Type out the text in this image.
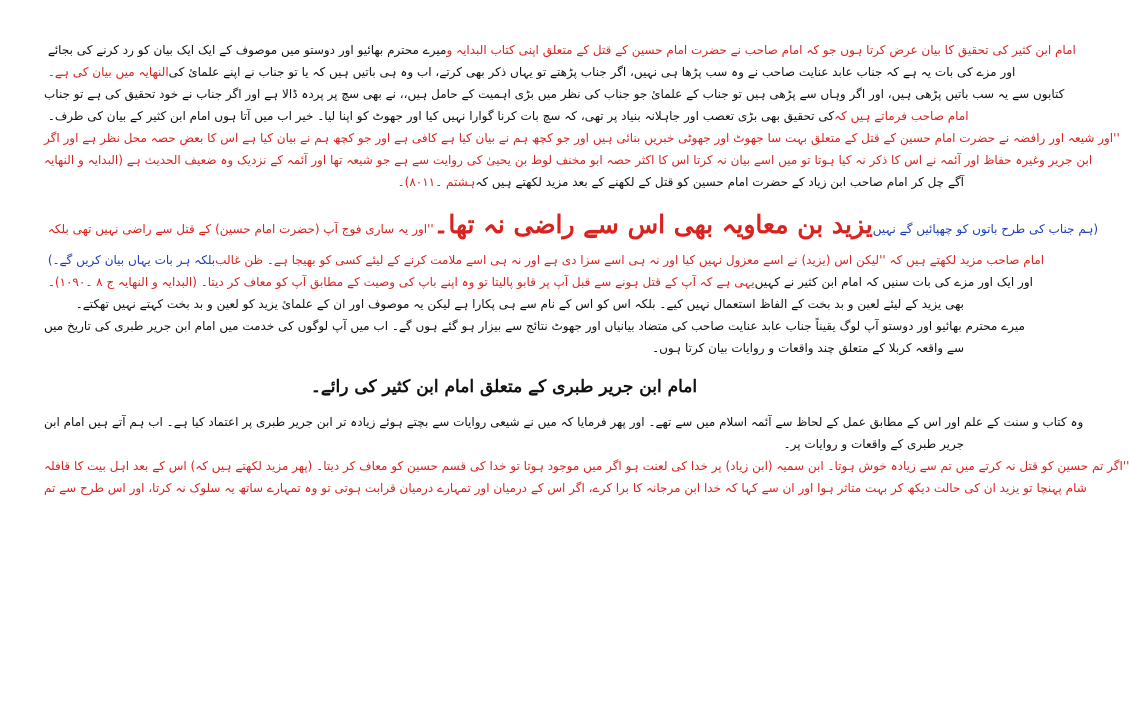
میرے محترم بھائیو اور دوستو میں موصوف کے ایک ایک بیان کو رد کرنے کی بجائے امام ابن کثیر کی تحقیق کا بیان عرض کرتا ہوں جو کہ امام صاحب نے حضرت امام حسین کے قتل کے متعلق اپنی کتاب البدایہ و
النھایہ میں بیان کی ہے۔ اور مزے کی بات یہ ہے کہ جناب عابد عنایت صاحب نے وہ سب پڑھا ہی نہیں، اگر جناب پڑھتے تو یہاں ذکر بھی کرتے، اب وہ ہی باتیں ہیں کہ یا تو جناب نے اپنے علمائ کی
کتابوں سے یہ سب باتیں پڑھی ہیں، اور اگر وہاں سے پڑھی ہیں تو جناب کے علمائ جو جناب کی نظر میں بڑی اہمیت کے حامل ہیں،، نے بھی سچ پر پردہ ڈالا ہے اور اگر جناب نے خود تحقیق کی ہے تو جناب
کی تحقیق بھی بڑی تعصب اور جاہلانہ بنیاد پر تھی، کہ سچ بات کرنا گوارا نہیں کیا اور جھوٹ کو اپنا لیا۔ خیر اب میں آتا ہوں امام ابن کثیر کے بیان کی طرف۔ امام صاحب فرماتے ہیں کہ
''اور شیعہ اور رافضہ نے حضرت امام حسین کے قتل کے متعلق بہت سا جھوٹ اور جھوٹی خبریں بنائی ہیں اور جو کچھ ہم نے بیان کیا ہے کافی ہے اور جو کچھ ہم نے بیان کیا ہے اس کا بعض حصہ محل نظر ہے اور اگر
ابن جریر وغیرہ حفاظ اور آئمہ نے اس کا ذکر نہ کیا ہوتا تو میں اسے بیان نہ کرتا اس کا اکثر حصہ ابو مخنف لوط بن یحییٰ کی روایت سے ہے جو شیعہ تھا اور آئمہ کے نزدیک وہ ضعیف الحدیث ہے (البدایہ و النھایہ
ہشتم ۔۸۰۱۱)۔ آگے چل کر امام صاحب ابن زیاد کے حضرت امام حسین کو قتل کے لکھنے کے بعد مزید لکھتے ہیں کہ
''اور یہ ساری فوج آپ (حضرت امام حسین) کے قتل سے راضی نہیں تھی بلکہ یزید بن معاویہ بھی اس سے راضی نہ تھا۔ (ہم جناب کی طرح باتوں کو چھپائیں گے نہیں
بلکہ ہر بات یہاں بیان کریں گے۔) امام صاحب مزید لکھتے ہیں کہ ''لیکن اس (یزید) نے اسے معزول نہیں کیا اور نہ ہی اسے سزا دی ہے اور نہ ہی اسے ملامت کرنے کے لیئے کسی کو بھیجا ہے۔ ظن غالب
یہی ہے کہ آپ کے قتل ہونے سے قبل آپ پر قابو پالیتا تو وہ اپنے باپ کی وصیت کے مطابق آپ کو معاف کر دیتا۔ (البدایہ و النھایہ ج ۸ ۔۱۰۹۰)۔ اور ایک اور مزے کی بات سنیں کہ امام ابن کثیر نے کہیں
بھی یزید کے لیئے لعین و بد بخت کے الفاظ استعمال نہیں کیے۔ بلکہ اس کو اس کے نام سے ہی پکارا ہے لیکن یہ موصوف اور ان کے علمائ یزید کو لعین و بد بخت کہتے نہیں تھکتے۔
میرے محترم بھائیو اور دوستو آپ لوگ یقیناً جناب عابد عنایت صاحب کی متضاد بیانیاں اور جھوٹ نتائج سے بیزار ہو گئے ہوں گے۔ اب میں آپ لوگوں کی خدمت میں امام ابن جریر طبری کی تاریخ میں
سے واقعہ کربلا کے متعلق چند واقعات و روایات بیان کرتا ہوں۔
امام ابن جریر طبری کے متعلق امام ابن کثیر کی رائے۔
وہ کتاب و سنت کے علم اور اس کے مطابق عمل کے لحاظ سے آئمہ اسلام میں سے تھے۔ اور پھر فرمایا کہ میں نے شیعی روایات سے بچتے ہوئے زیادہ تر ابن جریر طبری پر اعتماد کیا ہے۔ اب ہم آتے ہیں امام ابن
جریر طبری کے واقعات و روایات پر۔
''اگر تم حسین کو قتل نہ کرتے میں تم سے زیادہ خوش ہوتا۔ ابن سمیہ (ابن زیاد) پر خدا کی لعنت ہو اگر میں موجود ہوتا تو خدا کی قسم حسین کو معاف کر دیتا۔ (پھر مزید لکھتے ہیں کہ) اس کے بعد اہل بیت کا قافلہ
شام پہنچا تو یزید ان کی حالت دیکھ کر بہت متاثر ہوا اور ان سے کہا کہ خدا ابن مرجانہ کا برا کرے، اگر اس کے درمیان اور تمہارے درمیان قرابت ہوتی تو وہ تمہارے ساتھ یہ سلوک نہ کرتا، اور اس طرح سے تم
